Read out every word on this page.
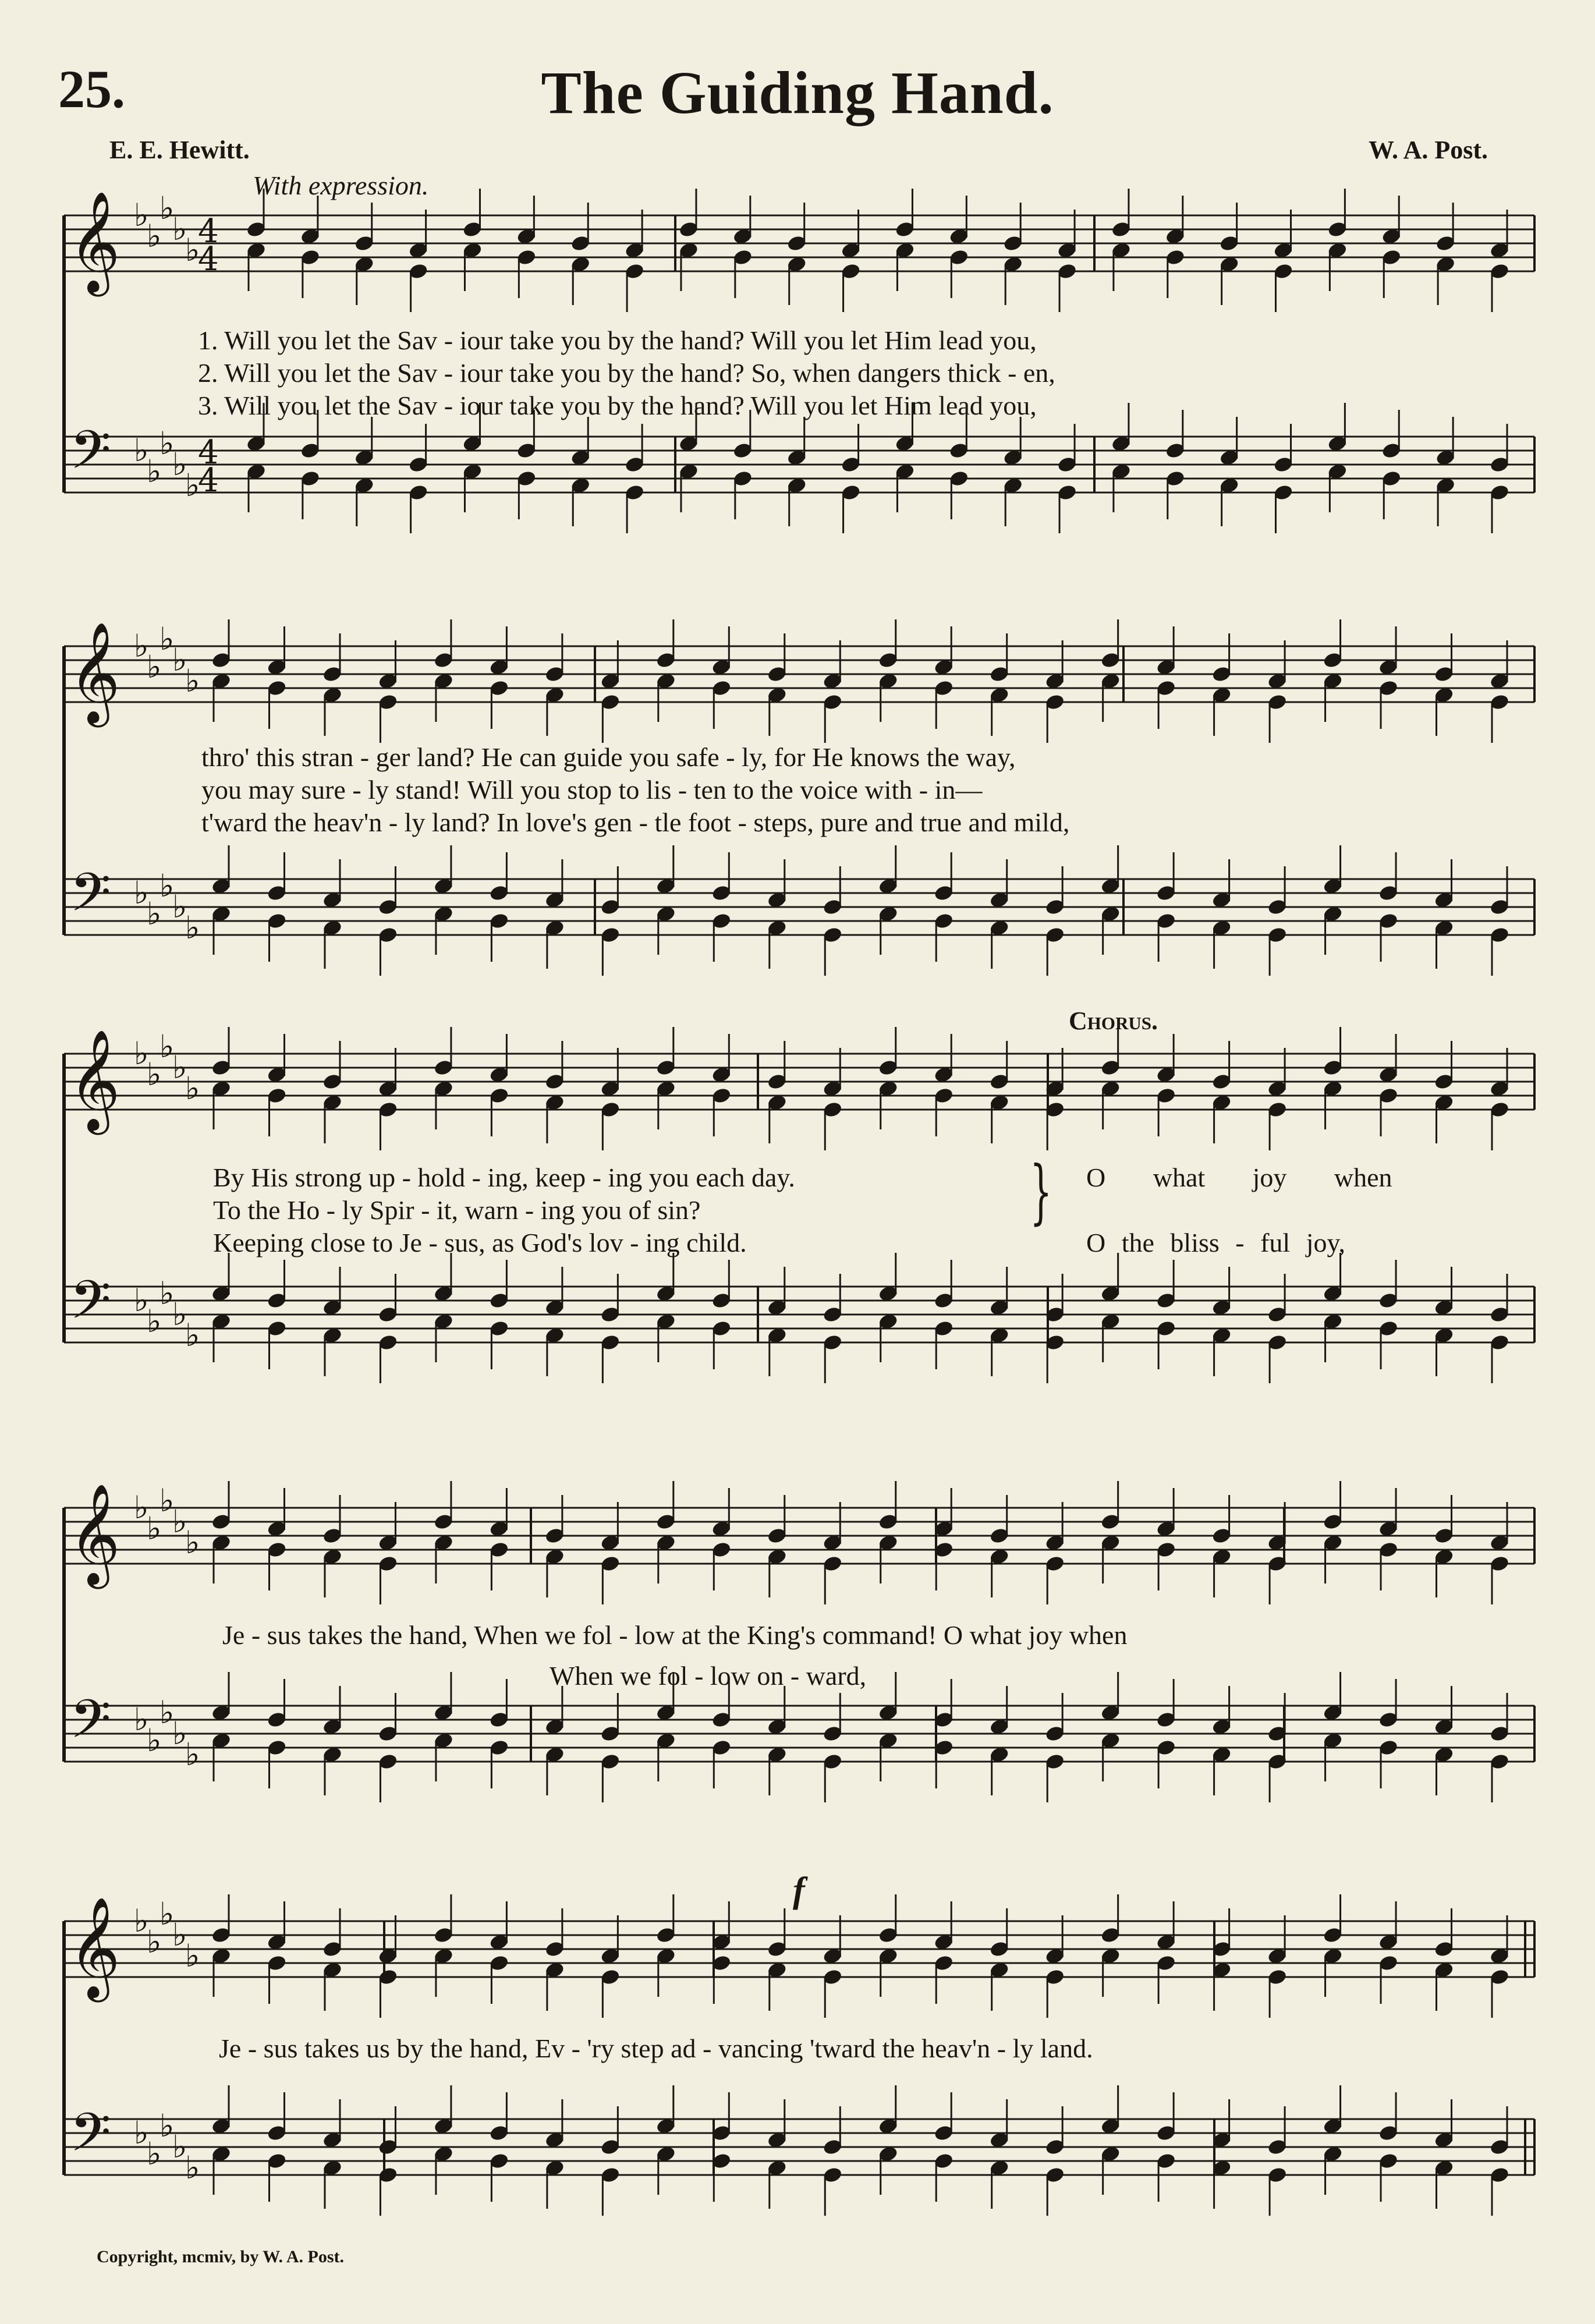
25.	The Guiding Hand.
E. E. Hewitt.	W. A. Post.
With expression.
𝄞 ♭
♭
♭
♭
♭
𝄢 ♭
♭
♭
♭
♭
4
4
4
4
1. Will you let the Sav - iour take you by the hand? Will you let Him lead you,
2. Will you let the Sav - iour take you by the hand? So, when dangers thick - en,
3. Will you let the Sav - iour take you by the hand? Will you let Him lead you,
𝄞 ♭
♭
♭
♭
♭
𝄢 ♭
♭
♭
♭
♭
thro' this stran - ger land? He can guide you safe - ly, for He knows the way,
you may sure - ly stand! Will you stop to lis - ten to the voice with - in—
t'ward the heav'n - ly land? In love's gen - tle foot - steps, pure and true and mild,
𝄞 ♭
♭
♭
♭
♭
𝄢 ♭
♭
♭
♭
♭
Chorus.
By His strong up - hold - ing, keep - ing you each day.
To the Ho - ly Spir - it, warn - ing you of sin?
Keeping close to Je - sus, as God's lov - ing child.
} O what joy when
O the bliss - ful joy,
𝄞 ♭
♭
♭
♭
♭
𝄢 ♭
♭
♭
♭
♭
Je - sus takes the hand, When we fol - low at the King's command! O what joy when
When we fol - low on - ward,
𝄞 ♭
♭
♭
♭
♭
𝄢 ♭
♭
♭
♭
♭
f
Je - sus takes us by the hand, Ev - 'ry step ad - vancing 'tward the heav'n - ly land.
Copyright, mcmiv, by W. A. Post.
